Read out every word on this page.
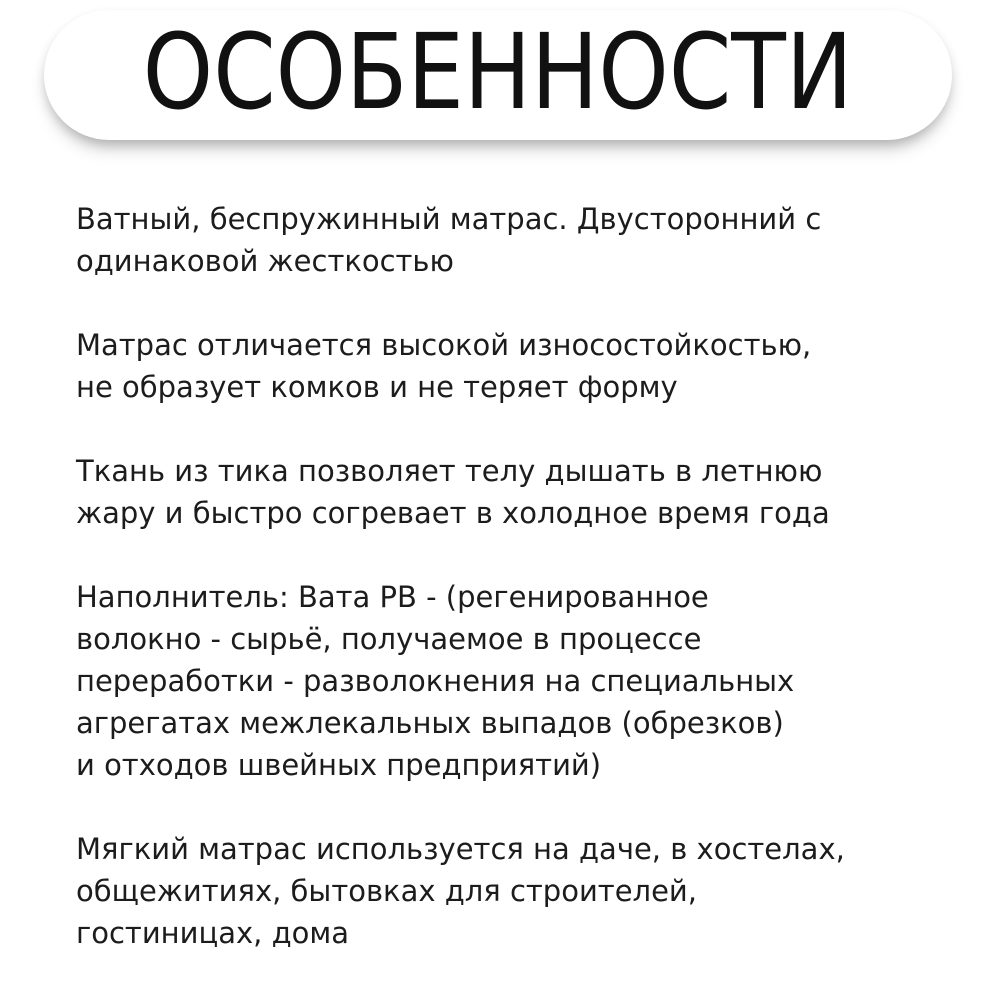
ОСОБЕННОСТИ
Ватный, беспружинный матрас. Двусторонний с
одинаковой жесткостью
Матрас отличается высокой износостойкостью,
не образует комков и не теряет форму
Ткань из тика позволяет телу дышать в летнюю
жару и быстро согревает в холодное время года
Наполнитель: Вата РВ - (регенированное
волокно - сырьё, получаемое в процессе
переработки - разволокнения на специальных
агрегатах межлекальных выпадов (обрезков)
и отходов швейных предприятий)
Мягкий матрас используется на даче, в хостелах,
общежитиях, бытовках для строителей,
гостиницах, дома
